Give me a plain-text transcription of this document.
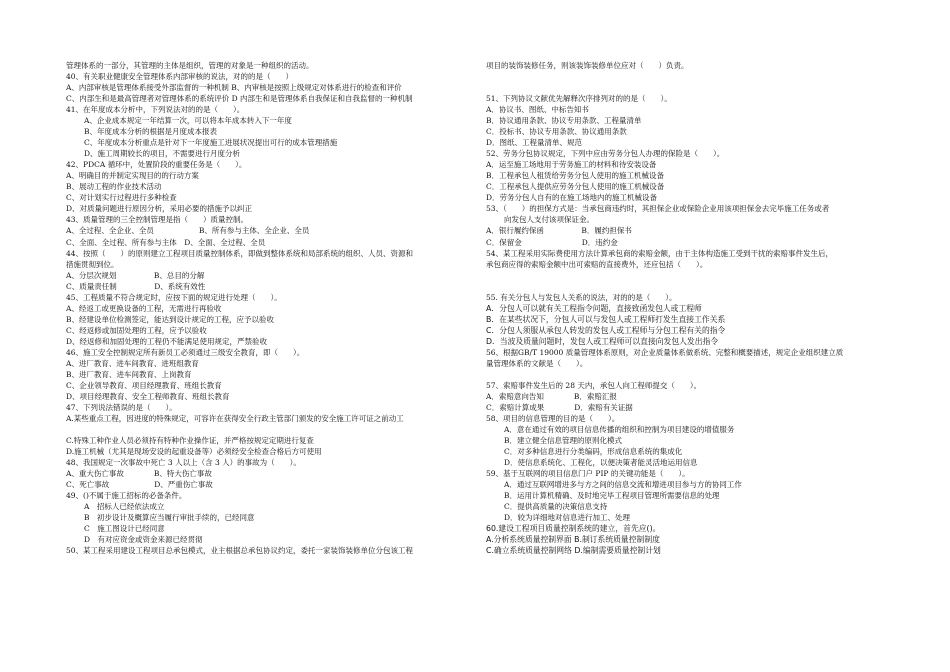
管理体系的一部分，其管理的主体是组织，管理的对象是一种组织的活动。
40、有关职业健康安全管理体系内部审核的说法，对的的是（　　）
A、内部审核是管理体系接受外部监督的一种机制 B、内审核是按照上级规定对体系进行的检查和评价
C、内部生和是最高管理者对管理体系的系统评价 D 内部生和是管理体系自我保证和自我监督的一种机制
41、在年度成本分析中，下列说法对的的是（　　）。
A、企业成本规定一年结算一次，可以将本年成本转入下一年度
B、年度成本分析的根据是月度成本报表
C、年度成本分析重点是针对下一年度施工进展状况提出可行的成本管理措施
D、施工周期较长的项目，不需要进行月度分析
42、PDCA 循环中，处置阶段的重要任务是（　　）。
A、明确目的并制定实现目的的行动方案
B、展动工程的作业技术活动
C、对计划实行过程进行多种检查
D、对质量问题进行原因分析，采用必要的措施予以纠正
43、质量管理的三全控制管理是指（　　）质量控制。
A、全过程、全企业、全员　　　　　　B、所有参与主体、全企业、全员
C、全面、全过程、所有参与主体　D、全面、全过程、全员
44、按照（　　）的原则建立工程项目质量控制体系，即做到整体系统和局部系统的组织、人员、资源和
措施贯彻到位。
A、分层次规划　　　　　B、总目的分解
C、质量责任制　　　　　D、系统有效性
45、工程质量不符合规定时，应按下面的规定进行处理（　　）。
A、经返工或更换设备的工程，无需进行再验收
B、经建设单位检测签定，能达到设计规定的工程，应予以验收
C、经返修或加固处理的工程，应予以验收
D、经返修和加固处理的工程仍不能满足使用规定，严禁验收
46、施工安全控制规定所有新员工必须通过三级安全教育，即（　　）。
A、进厂教育、进车间教育、进班组教育
B、进厂教育、进车间教育、上岗教育
C、企业领导教育、项目经理教育、班组长教育
D、项目经理教育、安全工程师教育、班组长教育
47、下列说法错误的是（　　）。
A.某些重点工程，因进度的特殊规定，可容许在获得安全行政主管部门颁发的安全施工许可证之前动工
C.特殊工种作业人员必须持有特种作业操作证，并严格按规定定期进行复查
D.施工机械（尤其是现场安设的起重设备等）必须经安全检查合格后方可使用
48、我国规定一次事故中死亡 3 人以上（含 3 人）的事故为（　　）。
A、重大伤亡事故　　　　B、特大伤亡事故
C、死亡事故　　　　　　D、严重伤亡事故
49、()不属于施工招标的必备条件。
A　招标人已经依法成立
B　初步设计及概算应当履行审批手续的，已经同意
C　施工图设计已经同意
D　有对应资金或资金来源已经贯彻
50、某工程采用建设工程项目总承包模式，业主根据总承包协议约定，委托一家装饰装修单位分包该工程
项目的装饰装修任务，则该装饰装修单位应对（　　）负责。
51、下列协议文献优先解释次序排列对的的是（　　）。
A．协议书、图纸、中标告知书
B．协议通用条款、协议专用条款、工程量清单
C．投标书、协议专用条款、协议通用条款
D．图纸、工程量清单、规范
52、劳务分包协议规定，下列中应由劳务分包人办理的保险是（　　）。
A．运至施工场地用于劳务施工的材料和待安装设备
B．工程承包人租赁给劳务分包人使用的施工机械设备
C．工程承包人提供应劳务分包人使用的施工机械设备
D．劳务分包人自有的在施工场地内的施工机械设备
53、（　　）的担保方式是：当承包商违约时，其担保企业或保险企业用该项担保金去完毕施工任务或者
向发包人支付该项保证金。
A．银行履约保函　　　　　B．履约担保书
C．保留金　　　　　　　　D．违约金
54、某工程采用实际费使用方法计算承包商的索赔金额，由于主体构造施工受到干扰的索赔事件发生后，
承包商应得的索赔金额中出可索赔的直接费外，还应包括（　　）。
55. 有关分包人与发包人关系的说法，对的的是（　　）。
A．分包人可以就有关工程指令问题，直接致函发包人或工程师
B．在某些状况下，分包人可以与发包人或工程师打发生直接工作关系
C．分包人须服从承包人转发的发包人或工程师与分包工程有关的指令
D．当波及质量问题时，发包人或工程师可以直接向发包人发出指令
56、根据GB/T 19000 质量管理体系原则，对企业质量体系做系统、完整和概要描述，规定企业组织建立质
量管理体系的文献是（　　）。
57、索赔事件发生后的 28 天内，承包人向工程师提交（　　）。
A．索赔意向告知　　　　B．索赔汇报
C．索赔计算成果　　　　D．索赔有关证据
58、项目的信息管理的目的是（　　）。
A．意在通过有效的项目信息传播的组织和控制为项目建设的增值服务
B．建立健全信息管理的原则化模式
C．对多种信息进行分类编码，形成信息系统的集成化
D．使信息系统化、工程化，以便决策者能灵活地运用信息
59、基于互联网的项目信息门户 PIP 的关键功能是（　　）。
A．通过互联网增进多与方之间的信息交流和增进项目参与方的协同工作
B．运用计算机精确、及时地完毕工程项目管理所需要信息的处理
C．提供高质量的决策信息支持
D．较为详细地对信息进行加工、处理
60.建设工程项目质量控制系统的建立，首先应()。
A.分析系统质量控制界面 B.制订系统质量控制制度
C.确立系统质量控制网络 D.编制需要质量控制计划
